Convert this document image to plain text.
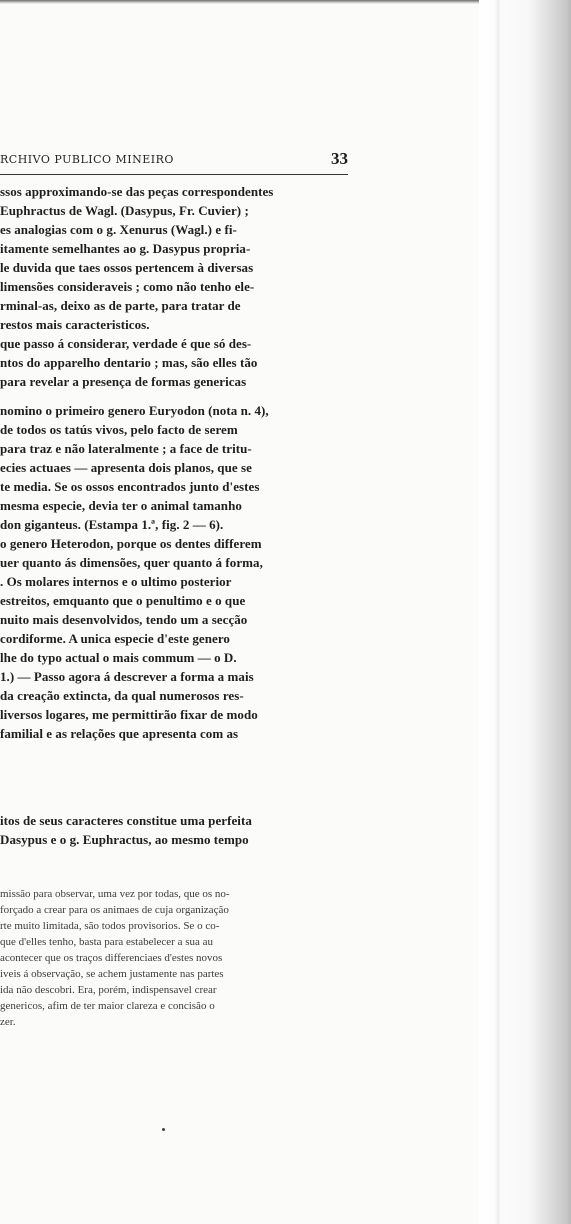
RCHIVO PUBLICO MINEIRO	33
ssos approximando-se das peças correspondentes
Euphractus de Wagl. (Dasypus, Fr. Cuvier) ;
es analogias com o g. Xenurus (Wagl.) e fi-
itamente semelhantes ao g. Dasypus propria-
le duvida que taes ossos pertencem à diversas
limensões consideraveis ; como não tenho ele-
rminal-as, deixo as de parte, para tratar de
restos mais caracteristicos.
que passo á considerar, verdade é que só des-
ntos do apparelho dentario ; mas, são elles tão
para revelar a presença de formas genericas
nomino o primeiro genero Euryodon (nota n. 4),
de todos os tatús vivos, pelo facto de serem
para traz e não lateralmente ; a face de tritu-
ecies actuaes — apresenta dois planos, que se
te media. Se os ossos encontrados junto d'estes
mesma especie, devia ter o animal tamanho
don giganteus. (Estampa 1.ª, fig. 2 — 6).
o genero Heterodon, porque os dentes differem
uer quanto ás dimensões, quer quanto á forma,
. Os molares internos e o ultimo posterior
estreitos, emquanto que o penultimo e o que
nuito mais desenvolvidos, tendo um a secção
cordiforme. A unica especie d'este genero
lhe do typo actual o mais commum — o D.
1.) — Passo agora á descrever a forma a mais
da creação extincta, da qual numerosos res-
liversos logares, me permittirão fixar de modo
familial e as relações que apresenta com as
itos de seus caracteres constitue uma perfeita
Dasypus e o g. Euphractus, ao mesmo tempo
missão para observar, uma vez por todas, que os no-
forçado a crear para os animaes de cuja organização
rte muito limitada, são todos provisorios. Se o co-
que d'elles tenho, basta para estabelecer a sua au
acontecer que os traços differenciaes d'estes novos
iveis á observação, se achem justamente nas partes
ida não descobri. Era, porém, indispensavel crear
genericos, afim de ter maior clareza e concisão o
zer.
